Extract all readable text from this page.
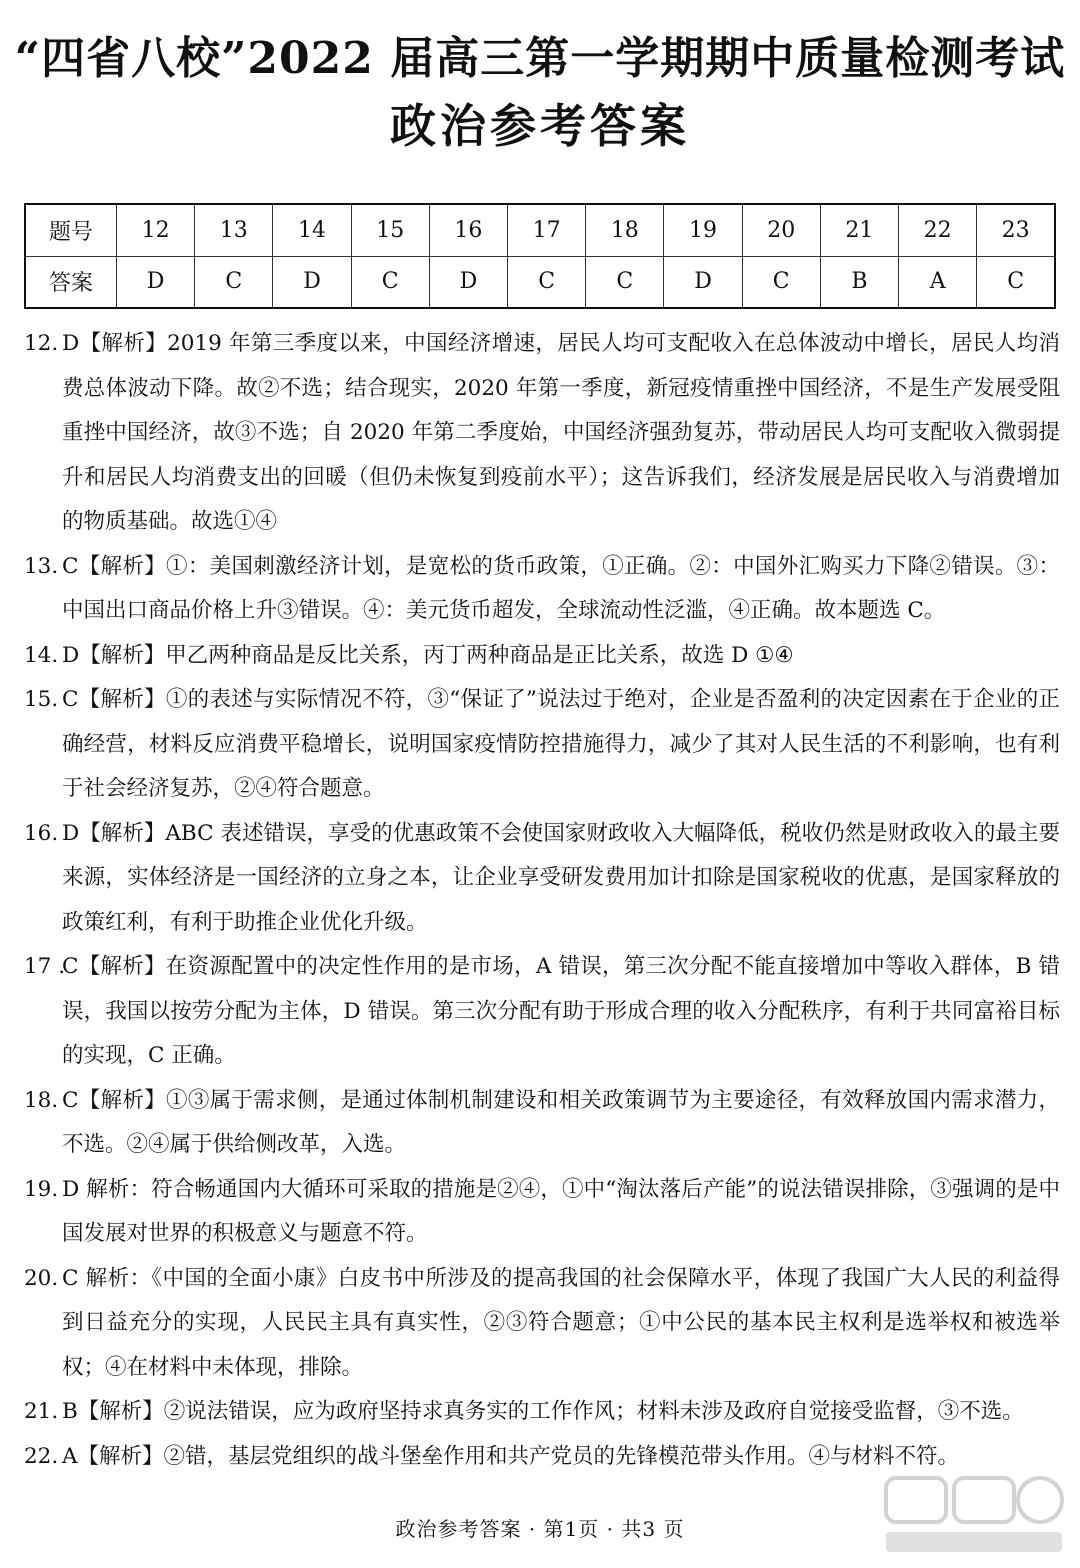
“四省八校”2022 届高三第一学期期中质量检测考试
政治参考答案
题号	12	13	14	15	16	17	18	19	20	21	22	23
答案	D	C	D	C	D	C	C	D	C	B	A	C
12. D【解析】2019 年第三季度以来，中国经济增速，居民人均可支配收入在总体波动中增长，居民人均消费总体波动下降。故②不选；结合现实，2020 年第一季度，新冠疫情重挫中国经济，不是生产发展受阻重挫中国经济，故③不选；自 2020 年第二季度始，中国经济强劲复苏，带动居民人均可支配收入微弱提升和居民人均消费支出的回暖（但仍未恢复到疫前水平）；这告诉我们，经济发展是居民收入与消费增加的物质基础。故选①④
13. C【解析】①：美国刺激经济计划，是宽松的货币政策，①正确。②：中国外汇购买力下降②错误。③：中国出口商品价格上升③错误。④：美元货币超发，全球流动性泛滥，④正确。故本题选 C。
14. D【解析】甲乙两种商品是反比关系，丙丁两种商品是正比关系，故选 D ①④
15. C【解析】①的表述与实际情况不符，③“保证了”说法过于绝对，企业是否盈利的决定因素在于企业的正确经营，材料反应消费平稳增长，说明国家疫情防控措施得力，减少了其对人民生活的不利影响，也有利于社会经济复苏，②④符合题意。
16. D【解析】ABC 表述错误，享受的优惠政策不会使国家财政收入大幅降低，税收仍然是财政收入的最主要来源，实体经济是一国经济的立身之本，让企业享受研发费用加计扣除是国家税收的优惠，是国家释放的政策红利，有利于助推企业优化升级。
17 .
C【解析】在资源配置中的决定性作用的是市场，A 错误，第三次分配不能直接增加中等收入群体，B 错误，我国以按劳分配为主体，D 错误。第三次分配有助于形成合理的收入分配秩序，有利于共同富裕目标的实现，C 正确。
18. C【解析】①③属于需求侧，是通过体制机制建设和相关政策调节为主要途径，有效释放国内需求潜力，不选。②④属于供给侧改革，入选。
19. D 解析：符合畅通国内大循环可采取的措施是②④，①中“淘汰落后产能”的说法错误排除，③强调的是中国发展对世界的积极意义与题意不符。
20. C 解析：《中国的全面小康》白皮书中所涉及的提高我国的社会保障水平，体现了我国广大人民的利益得到日益充分的实现，人民民主具有真实性，②③符合题意；①中公民的基本民主权利是选举权和被选举权；④在材料中未体现，排除。
21. B【解析】②说法错误，应为政府坚持求真务实的工作作风；材料未涉及政府自觉接受监督，③不选。
22. A【解析】②错，基层党组织的战斗堡垒作用和共产党员的先锋模范带头作用。④与材料不符。
政治参考答案 · 第1页 · 共3 页
